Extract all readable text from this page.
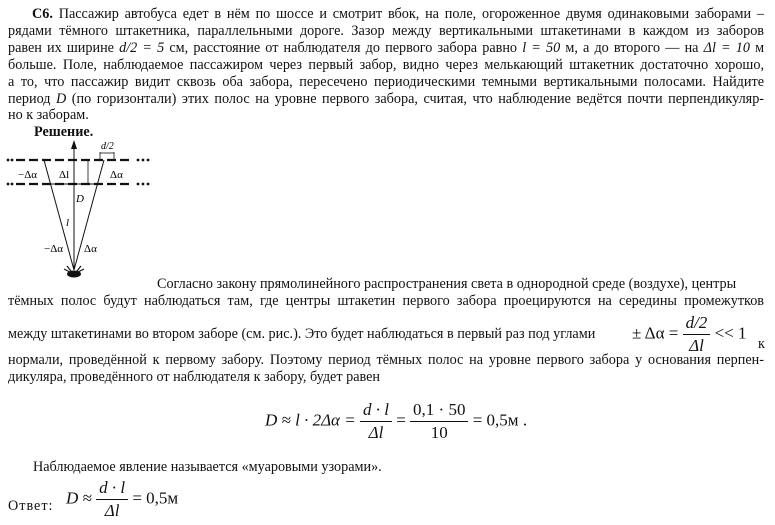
С6. Пассажир автобуса едет в нём по шоссе и смотрит вбок, на поле, огороженное двумя одинаковыми заборами –
рядами тёмного штакетника, параллельными дороге. Зазор между вертикальными штакетинами в каждом из заборов
равен их ширине d/2 = 5 см, расстояние от наблюдателя до первого забора равно l = 50 м, а до второго — на Δl = 10 м
больше. Поле, наблюдаемое пассажиром через первый забор, видно через мелькающий штакетник достаточно хорошо,
а то, что пассажир видит сквозь оба забора, пересечено периодическими темными вертикальными полосами. Найдите
период D (по горизонтали) этих полос на уровне первого забора, считая, что наблюдение ведётся почти перпендикуляр-
но к заборам.
Решение.
d/2
−Δα Δl	Δα
D
l
−Δα Δα
Согласно закону прямолинейного распространения света в однородной среде (воздухе), центры
тёмных полос будут наблюдаться там, где центры штакетин первого забора проецируются на середины промежутков
между штакетинами во втором заборе (см. рис.). Это будет наблюдаться в первый раз под углами ± $\Delta\alpha = \frac{d/2}{\Delta l} << 1$
к
нормали, проведённой к первому забору. Поэтому период тёмных полос на уровне первого забора у основания перпен-
дикуляра, проведённого от наблюдателя к забору, будет равен
$D \approx l \cdot 2\Delta\alpha = \frac{d \cdot l}{\Delta l} = \frac{0,1 \cdot 50}{10} = 0,5м$ .
Наблюдаемое явление называется «муаровыми узорами».
Ответ: $D \approx \frac{d \cdot l}{\Delta l} = 0,5м$
